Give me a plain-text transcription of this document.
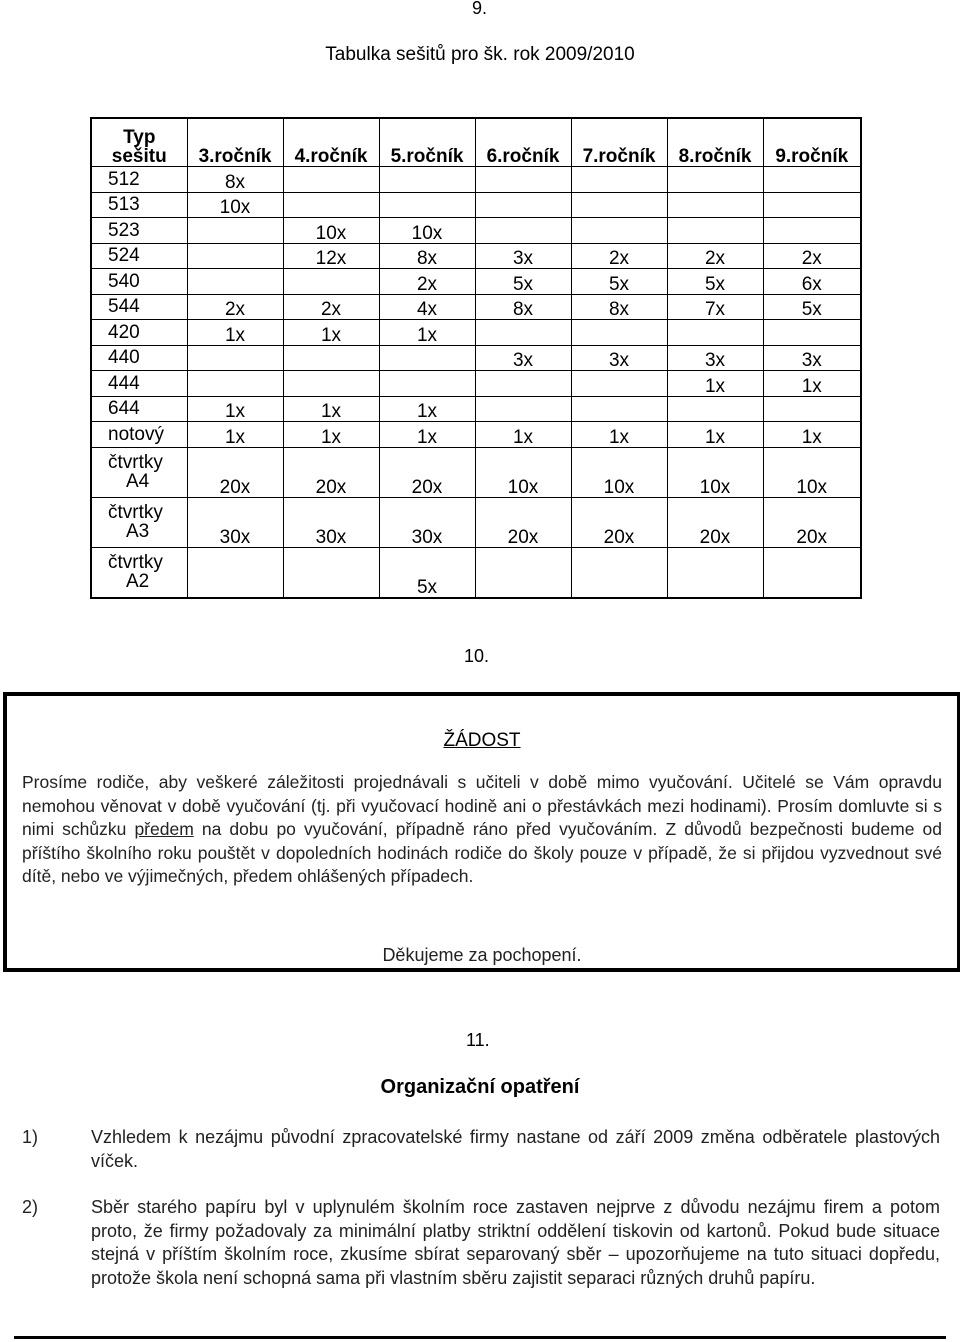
9.
Tabulka sešitů pro šk. rok 2009/2010
Typ
sešitu	3.ročník	4.ročník	5.ročník	6.ročník	7.ročník	8.ročník	9.ročník
512	8x						
513	10x						
523		10x	10x				
524		12x	8x	3x	2x	2x	2x
540			2x	5x	5x	5x	6x
544	2x	2x	4x	8x	8x	7x	5x
420	1x	1x	1x				
440				3x	3x	3x	3x
444						1x	1x
644	1x	1x	1x				
notový	1x	1x	1x	1x	1x	1x	1x
čtvrtky
A4	20x	20x	20x	10x	10x	10x	10x
čtvrtky
A3	30x	30x	30x	20x	20x	20x	20x
čtvrtky
A2			5x				
10.
ŽÁDOST
Prosíme rodiče, aby veškeré záležitosti projednávali s učiteli v době mimo vyučování. Učitelé se Vám opravdu nemohou věnovat v době vyučování (tj. při vyučovací hodině ani o přestávkách mezi hodinami). Prosím domluvte si s nimi schůzku předem na dobu po vyučování, případně ráno před vyučováním. Z důvodů bezpečnosti budeme od příštího školního roku pouštět v dopoledních hodinách rodiče do školy pouze v případě, že si přijdou vyzvednout své dítě, nebo ve výjimečných, předem ohlášených případech.
Děkujeme za pochopení.
11.
Organizační opatření
1)	Vzhledem k nezájmu původní zpracovatelské firmy nastane od září 2009 změna odběratele plastových víček.
2)	Sběr starého papíru byl v uplynulém školním roce zastaven nejprve z důvodu nezájmu firem a potom proto, že firmy požadovaly za minimální platby striktní oddělení tiskovin od kartonů. Pokud bude situace stejná v příštím školním roce, zkusíme sbírat separovaný sběr – upozorňujeme na tuto situaci dopředu, protože škola není schopná sama při vlastním sběru zajistit separaci různých druhů papíru.
